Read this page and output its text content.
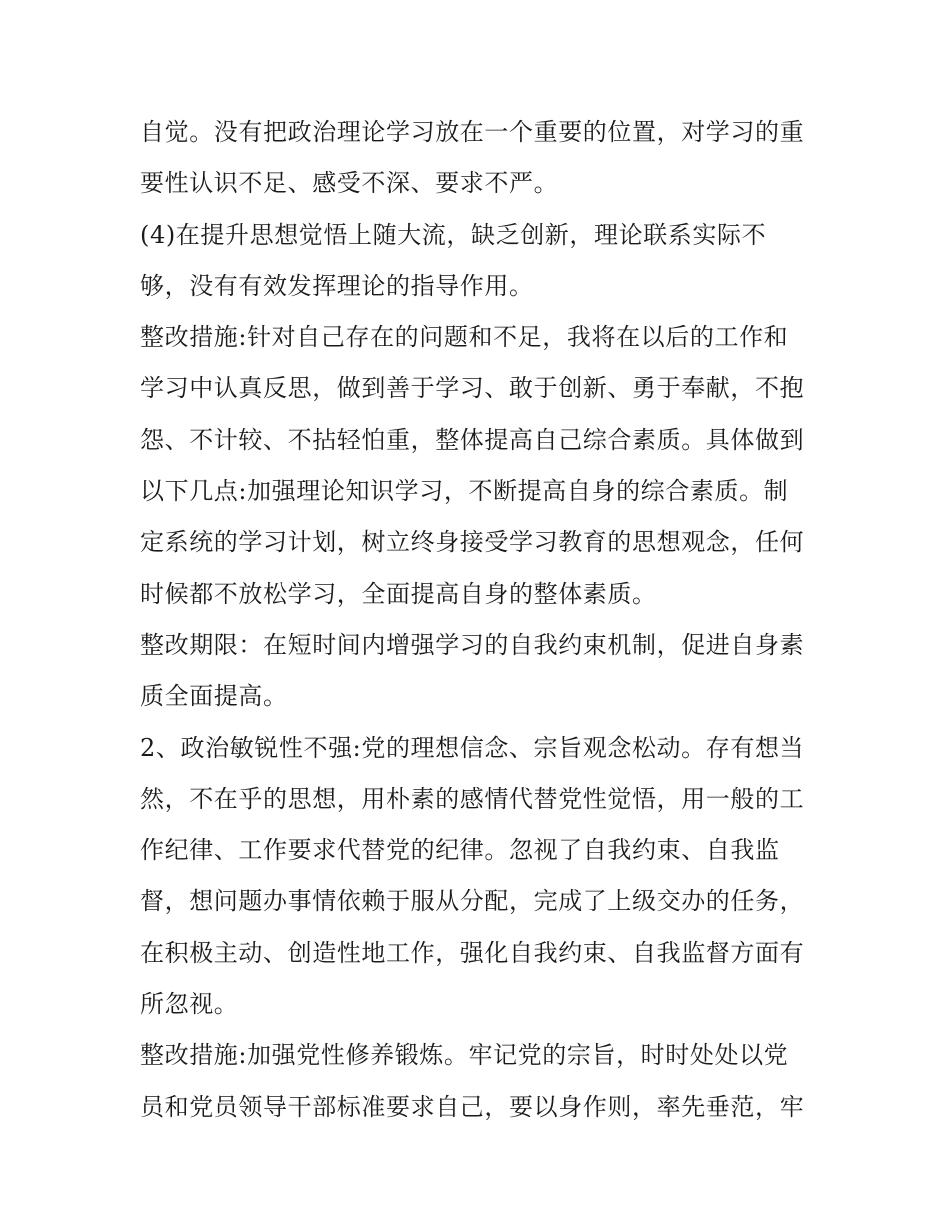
自觉。没有把政治理论学习放在一个重要的位置，对学习的重
要性认识不足、感受不深、要求不严。
(4)在提升思想觉悟上随大流，缺乏创新，理论联系实际不
够，没有有效发挥理论的指导作用。
整改措施:针对自己存在的问题和不足，我将在以后的工作和
学习中认真反思，做到善于学习、敢于创新、勇于奉献，不抱
怨、不计较、不拈轻怕重，整体提高自己综合素质。具体做到
以下几点:加强理论知识学习，不断提高自身的综合素质。制
定系统的学习计划，树立终身接受学习教育的思想观念，任何
时候都不放松学习，全面提高自身的整体素质。
整改期限：在短时间内增强学习的自我约束机制，促进自身素
质全面提高。
2、政治敏锐性不强:党的理想信念、宗旨观念松动。存有想当
然，不在乎的思想，用朴素的感情代替党性觉悟，用一般的工
作纪律、工作要求代替党的纪律。忽视了自我约束、自我监
督，想问题办事情依赖于服从分配，完成了上级交办的任务，
在积极主动、创造性地工作，强化自我约束、自我监督方面有
所忽视。
整改措施:加强党性修养锻炼。牢记党的宗旨，时时处处以党
员和党员领导干部标准要求自己，要以身作则，率先垂范，牢
